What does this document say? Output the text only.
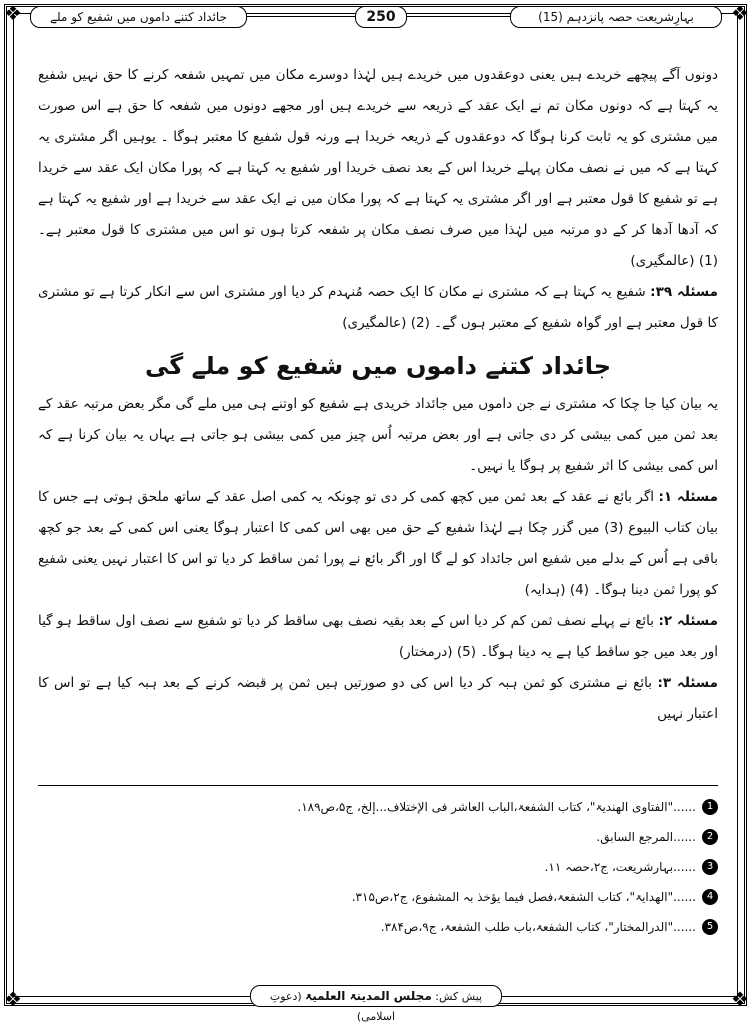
❖	❖
❖	❖
جائداد کتنے داموں میں شفیع کو ملے	250	بہارِشریعت حصہ پانزدہم (15)

دونوں آگے پیچھے خریدے ہیں یعنی دوعقدوں میں خریدے ہیں لہٰذا دوسرے مکان میں تمہیں شفعہ کرنے کا حق نہیں شفیع یہ کہتا ہے کہ دونوں مکان تم نے ایک عقد کے ذریعہ سے خریدے ہیں اور مجھے دونوں میں شفعہ کا حق ہے اس صورت میں مشتری کو یہ ثابت کرنا ہوگا کہ دوعقدوں کے ذریعہ خریدا ہے ورنہ قول شفیع کا معتبر ہوگا ۔ یوہیں اگر مشتری یہ کہتا ہے کہ میں نے نصف مکان پہلے خریدا اس کے بعد نصف خریدا اور شفیع یہ کہتا ہے کہ پورا مکان ایک عقد سے خریدا ہے تو شفیع کا قول معتبر ہے اور اگر مشتری یہ کہتا ہے کہ پورا مکان میں نے ایک عقد سے خریدا ہے اور شفیع یہ کہتا ہے کہ آدھا آدھا کر کے دو مرتبہ میں لہٰذا میں صرف نصف مکان پر شفعہ کرتا ہوں تو اس میں مشتری کا قول معتبر ہے۔ (1) (عالمگیری)

مسئلہ ۳۹: شفیع یہ کہتا ہے کہ مشتری نے مکان کا ایک حصہ مُنہدم کر دیا اور مشتری اس سے انکار کرتا ہے تو مشتری کا قول معتبر ہے اور گواہ شفیع کے معتبر ہوں گے۔ (2) (عالمگیری)

جائداد کتنے داموں میں شفیع کو ملے گی

یہ بیان کیا جا چکا کہ مشتری نے جن داموں میں جائداد خریدی ہے شفیع کو اوتنے ہی میں ملے گی مگر بعض مرتبہ عقد کے بعد ثمن میں کمی بیشی کر دی جاتی ہے اور بعض مرتبہ اُس چیز میں کمی بیشی ہو جاتی ہے یہاں یہ بیان کرنا ہے کہ اس کمی بیشی کا اثر شفیع پر ہوگا یا نہیں۔

مسئلہ ۱: اگر بائع نے عقد کے بعد ثمن میں کچھ کمی کر دی تو چونکہ یہ کمی اصل عقد کے ساتھ ملحق ہوتی ہے جس کا بیان کتاب البیوع (3) میں گزر چکا ہے لہٰذا شفیع کے حق میں بھی اس کمی کا اعتبار ہوگا یعنی اس کمی کے بعد جو کچھ باقی ہے اُس کے بدلے میں شفیع اس جائداد کو لے گا اور اگر بائع نے پورا ثمن ساقط کر دیا تو اس کا اعتبار نہیں یعنی شفیع کو پورا ثمن دینا ہوگا۔ (4) (ہدایہ)

مسئلہ ۲: بائع نے پہلے نصف ثمن کم کر دیا اس کے بعد بقیہ نصف بھی ساقط کر دیا تو شفیع سے نصف اول ساقط ہو گیا اور بعد میں جو ساقط کیا ہے یہ دینا ہوگا۔ (5) (درمختار)

مسئلہ ۳: بائع نے مشتری کو ثمن ہبہ کر دیا اس کی دو صورتیں ہیں ثمن پر قبضہ کرنے کے بعد ہبہ کیا ہے تو اس کا اعتبار نہیں

1
......"الفتاوی الھندیۃ"، کتاب الشفعۃ،الباب العاشر فی الإختلاف...إلخ، ج۵،ص۱۸۹.
2
......المرجع السابق.
3
......بہارشریعت، ج۲،حصہ ۱۱.
4
......"الھدایۃ"، کتاب الشفعۃ،فصل فیما یؤخذ بہ المشفوع، ج۲،ص۳۱۵.
5
......"الدرالمختار"، کتاب الشفعۃ،باب طلب الشفعۃ، ج۹،ص۳۸۴.
پیش کش: مجلس المدینۃ العلمیۃ (دعوتِ اسلامی)
